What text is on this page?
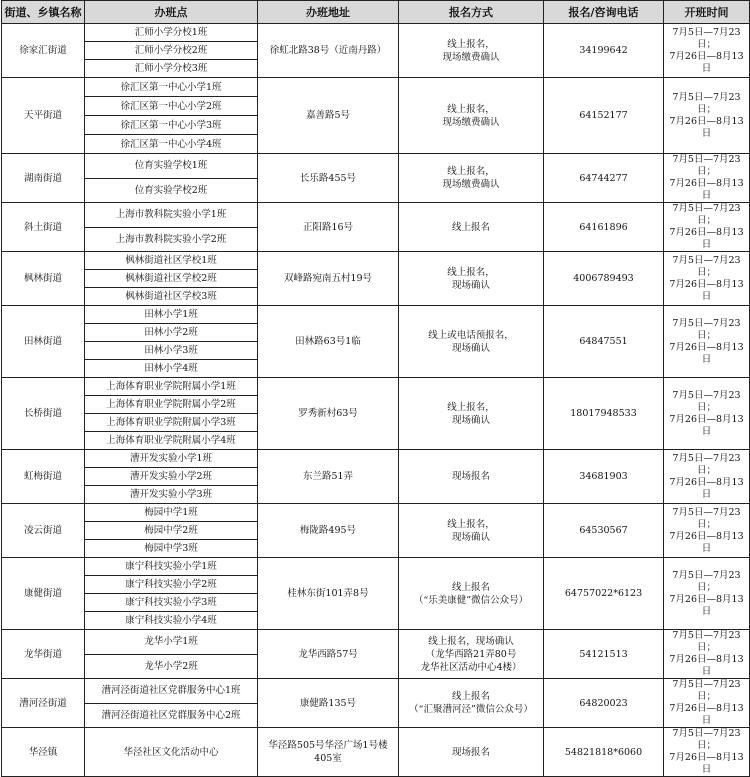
街道、乡镇名称	办班点	办班地址	报名方式	报名/咨询电话	开班时间
徐家汇街道	汇师小学分校1班	徐虹北路38号（近南丹路）	线上报名，
现场缴费确认	34199642	7月5日—7月23日；
7月26日—8月13日

	汇师小学分校2班				
	汇师小学分校3班				
天平街道	徐汇区第一中心小学1班	嘉善路5号	线上报名，
现场缴费确认	64152177	7月5日—7月23日；
7月26日—8月13日

	徐汇区第一中心小学2班				
	徐汇区第一中心小学3班				
	徐汇区第一中心小学4班				
湖南街道	位育实验学校1班	长乐路455号	线上报名，
现场缴费确认	64744277	7月5日—7月23日；
7月26日—8月13日

	位育实验学校2班				
斜土街道	上海市教科院实验小学1班	正阳路16号	线上报名	64161896	7月5日—7月23日；
7月26日—8月13日

	上海市教科院实验小学2班				
枫林街道	枫林街道社区学校1班	双峰路宛南五村19号	线上报名，
现场确认	4006789493	7月5日—7月23日；
7月26日—8月13日

	枫林街道社区学校2班				
	枫林街道社区学校3班				
田林街道	田林小学1班	田林路63号1临	线上或电话预报名，
现场确认	64847551	7月5日—7月23日；
7月26日—8月13日

	田林小学2班				
	田林小学3班				
	田林小学4班				
长桥街道	上海体育职业学院附属小学1班	罗秀新村63号	线上报名，
现场确认	18017948533	7月5日—7月23日；
7月26日—8月13日

	上海体育职业学院附属小学2班				
	上海体育职业学院附属小学3班				
	上海体育职业学院附属小学4班				
虹梅街道	漕开发实验小学1班	东兰路51弄	现场报名	34681903	7月5日—7月23日；
7月26日—8月13日

	漕开发实验小学2班				
	漕开发实验小学3班				
凌云街道	梅园中学1班	梅陇路495号	线上报名，
现场确认	64530567	7月5日—7月23日；
7月26日—8月13日

	梅园中学2班				
	梅园中学3班				
康健街道	康宁科技实验小学1班	桂林东街101弄8号	线上报名
（“乐美康健”微信公众号）	64757022*6123	7月5日—7月23日；
7月26日—8月13日

	康宁科技实验小学2班				
	康宁科技实验小学3班				
	康宁科技实验小学4班				
龙华街道	龙华小学1班	龙华西路57号	线上报名，现场确认
（龙华西路21弄80号
龙华社区活动中心4楼）	54121513	7月5日—7月23日；
7月26日—8月13日

	龙华小学2班				
漕河泾街道	漕河泾街道社区党群服务中心1班	康健路135号	线上报名
（“汇聚漕河泾”微信公众号）	64820023	7月5日—7月23日；
7月26日—8月13日

	漕河泾街道社区党群服务中心2班				
华泾镇	华泾社区文化活动中心	华泾路505号华泾广场1号楼405室	现场报名	54821818*6060	7月5日—7月23日；
7月26日—8月13日
